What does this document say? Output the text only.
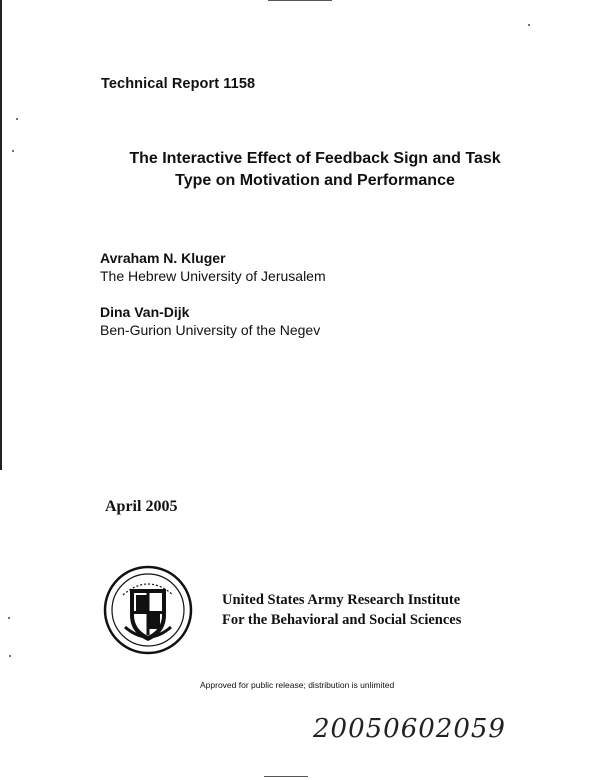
Technical Report 1158
The Interactive Effect of Feedback Sign and Task
Type on Motivation and Performance
Avraham N. Kluger
The Hebrew University of Jerusalem
Dina Van-Dijk
Ben-Gurion University of the Negev
April 2005
United States Army Research Institute
For the Behavioral and Social Sciences
Approved for public release; distribution is unlimited
20050602059
